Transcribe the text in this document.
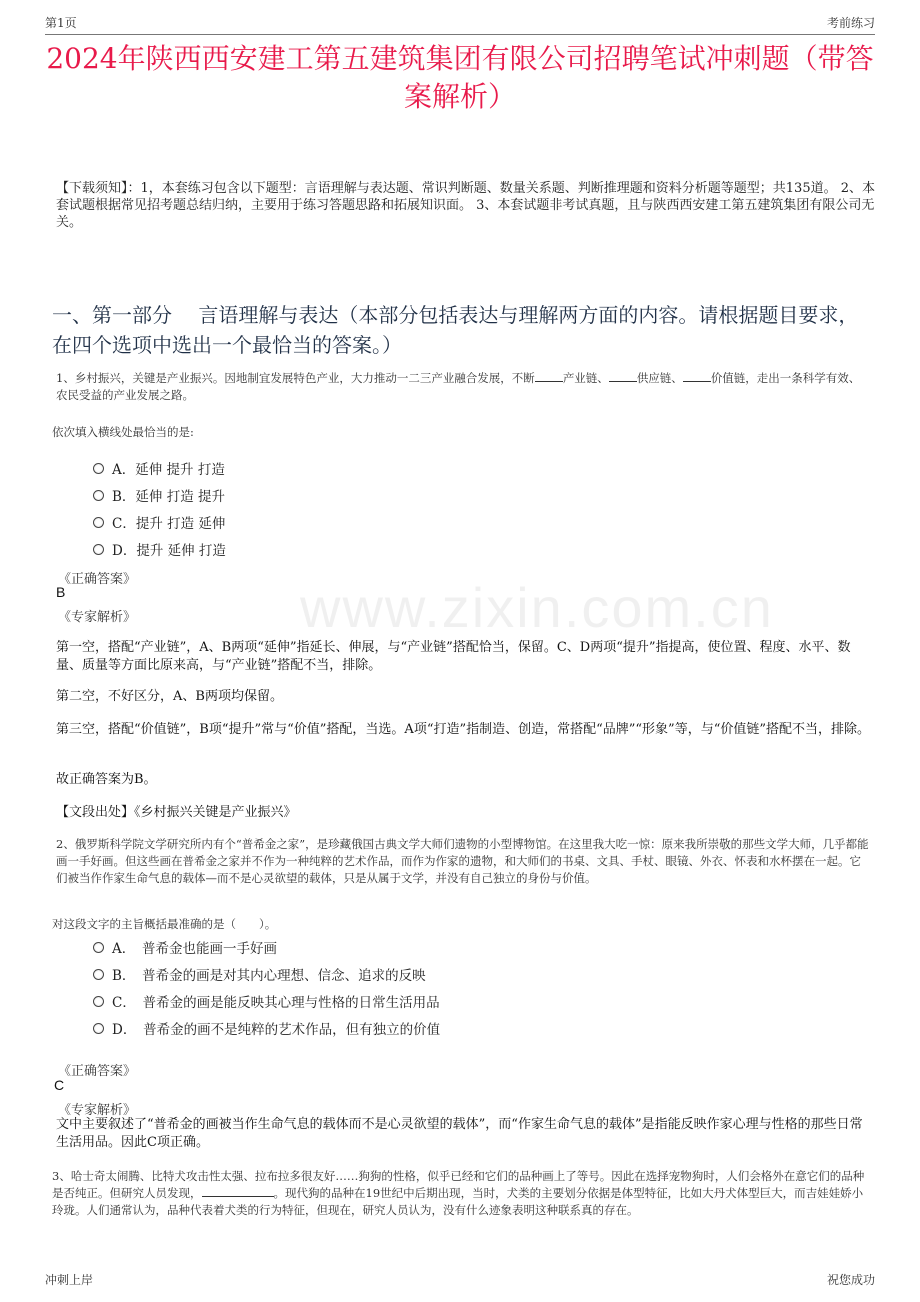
第1页	考前练习
2024年陕西西安建工第五建筑集团有限公司招聘笔试冲刺题（带答案解析）
【下载须知】：1，本套练习包含以下题型：言语理解与表达题、常识判断题、数量关系题、判断推理题和资料分析题等题型；共135道。 2、本套试题根据常见招考题总结归纳，主要用于练习答题思路和拓展知识面。 3、本套试题非考试真题，且与陕西西安建工第五建筑集团有限公司无关。
一、第一部分　 言语理解与表达（本部分包括表达与理解两方面的内容。请根据题目要求，在四个选项中选出一个最恰当的答案。）
www.zixin.com.cn
1、乡村振兴，关键是产业振兴。因地制宜发展特色产业，大力推动一二三产业融合发展，不断 产业链、 供应链、 价值链，走出一条科学有效、农民受益的产业发展之路。
依次填入横线处最恰当的是:
A．延伸 提升 打造
B．延伸 打造 提升
C．提升 打造 延伸
D．提升 延伸 打造
《正确答案》
B
《专家解析》
第一空，搭配“产业链”，A、B两项“延伸”指延长、伸展，与“产业链”搭配恰当，保留。C、D两项“提升”指提高，使位置、程度、水平、数量、质量等方面比原来高，与“产业链”搭配不当，排除。
第二空，不好区分，A、B两项均保留。
第三空，搭配“价值链”，B项“提升”常与“价值”搭配，当选。A项“打造”指制造、创造，常搭配“品牌”“形象”等，与“价值链”搭配不当，排除。
故正确答案为B。
【文段出处】《乡村振兴关键是产业振兴》
2、俄罗斯科学院文学研究所内有个“普希金之家”，是珍藏俄国古典文学大师们遗物的小型博物馆。在这里我大吃一惊：原来我所崇敬的那些文学大师，几乎都能画一手好画。但这些画在普希金之家并不作为一种纯粹的艺术作品，而作为作家的遗物，和大师们的书桌、文具、手杖、眼镜、外衣、怀表和水杯摆在一起。它们被当作作家生命气息的载体—而不是心灵欲望的载体，只是从属于文学，并没有自己独立的身份与价值。
对这段文字的主旨概括最准确的是（　　）。
A．　普希金也能画一手好画
B．　普希金的画是对其内心理想、信念、追求的反映
C．　普希金的画是能反映其心理与性格的日常生活用品
D．　普希金的画不是纯粹的艺术作品，但有独立的价值
《正确答案》
C
《专家解析》
文中主要叙述了“普希金的画被当作生命气息的载体而不是心灵欲望的载体”，而“作家生命气息的载体”是指能反映作家心理与性格的那些日常生活用品。因此C项正确。
3、哈士奇太闹腾、比特犬攻击性太强、拉布拉多很友好……狗狗的性格，似乎已经和它们的品种画上了等号。因此在选择宠物狗时，人们会格外在意它们的品种是否纯正。但研究人员发现，	。现代狗的品种在19世纪中后期出现，当时，犬类的主要划分依据是体型特征，比如大丹犬体型巨大，而吉娃娃娇小玲珑。人们通常认为，品种代表着犬类的行为特征，但现在，研究人员认为，没有什么迹象表明这种联系真的存在。
冲刺上岸	祝您成功
